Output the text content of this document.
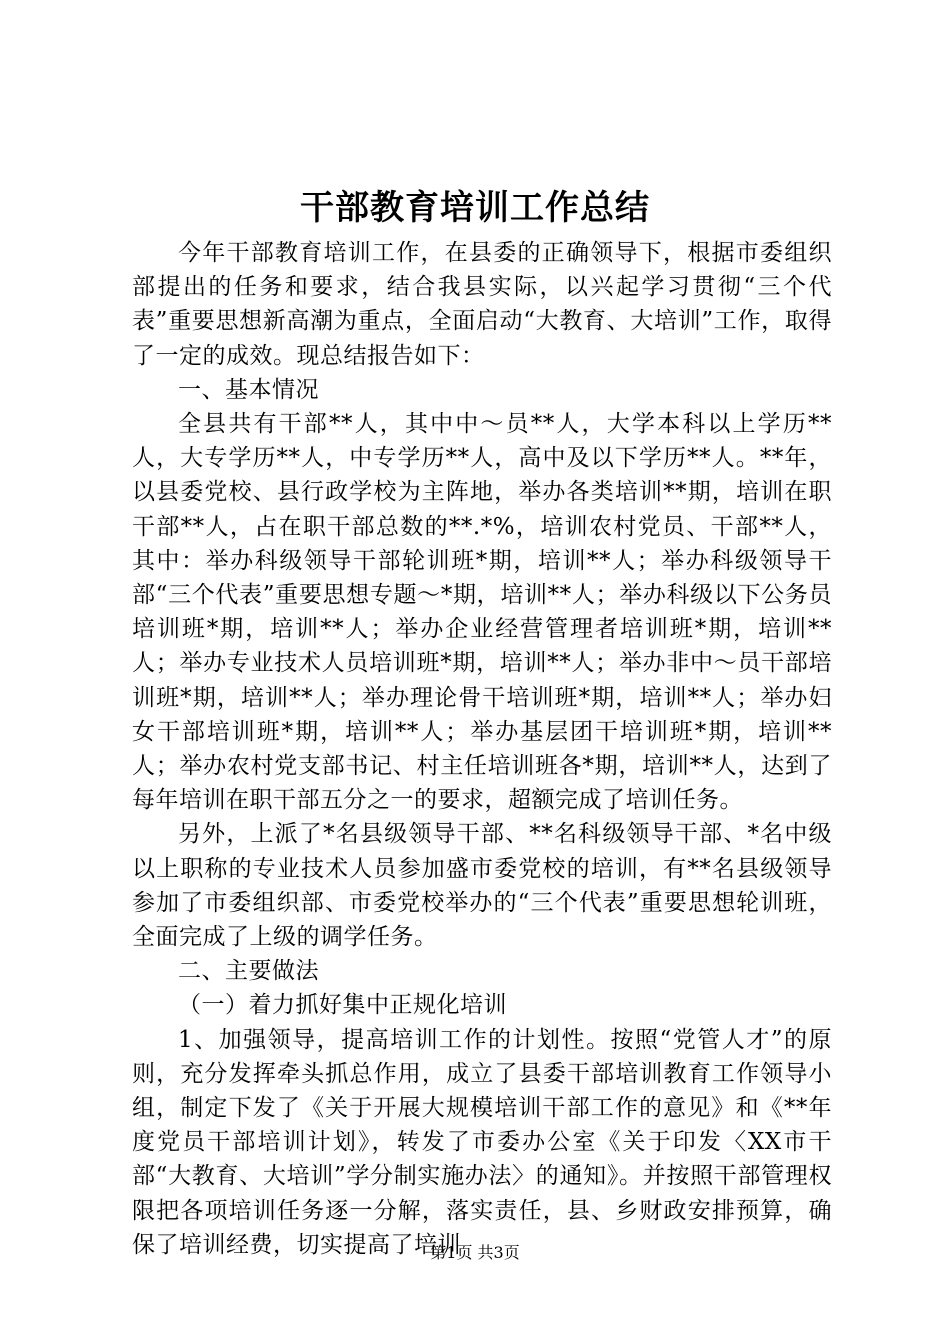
干部教育培训工作总结

今年干部教育培训工作，在县委的正确领导下，根据市委组织部提出的任务和要求，结合我县实际，以兴起学习贯彻“三个代表”重要思想新高潮为重点，全面启动“大教育、大培训”工作，取得了一定的成效。现总结报告如下：

一、基本情况

全县共有干部**人，其中中～员**人，大学本科以上学历**人，大专学历**人，中专学历**人，高中及以下学历**人。**年，以县委党校、县行政学校为主阵地，举办各类培训**期，培训在职干部**人，占在职干部总数的**.*%，培训农村党员、干部**人，其中：举办科级领导干部轮训班*期，培训**人；举办科级领导干部“三个代表”重要思想专题～*期，培训**人；举办科级以下公务员培训班*期，培训**人；举办企业经营管理者培训班*期，培训**人；举办专业技术人员培训班*期，培训**人；举办非中～员干部培训班*期，培训**人；举办理论骨干培训班*期，培训**人；举办妇女干部培训班*期，培训**人；举办基层团干培训班*期，培训**人；举办农村党支部书记、村主任培训班各*期，培训**人，达到了每年培训在职干部五分之一的要求，超额完成了培训任务。

另外，上派了*名县级领导干部、**名科级领导干部、*名中级以上职称的专业技术人员参加盛市委党校的培训，有**名县级领导参加了市委组织部、市委党校举办的“三个代表”重要思想轮训班，全面完成了上级的调学任务。

二、主要做法

（一）着力抓好集中正规化培训

1、加强领导，提高培训工作的计划性。按照“党管人才”的原则，充分发挥牵头抓总作用，成立了县委干部培训教育工作领导小组，制定下发了《关于开展大规模培训干部工作的意见》和《**年度党员干部培训计划》，转发了市委办公室《关于印发〈XX市干部“大教育、大培训”学分制实施办法〉的通知》。并按照干部管理权限把各项培训任务逐一分解，落实责任，县、乡财政安排预算，确保了培训经费，切实提高了培训

第1页 共3页
